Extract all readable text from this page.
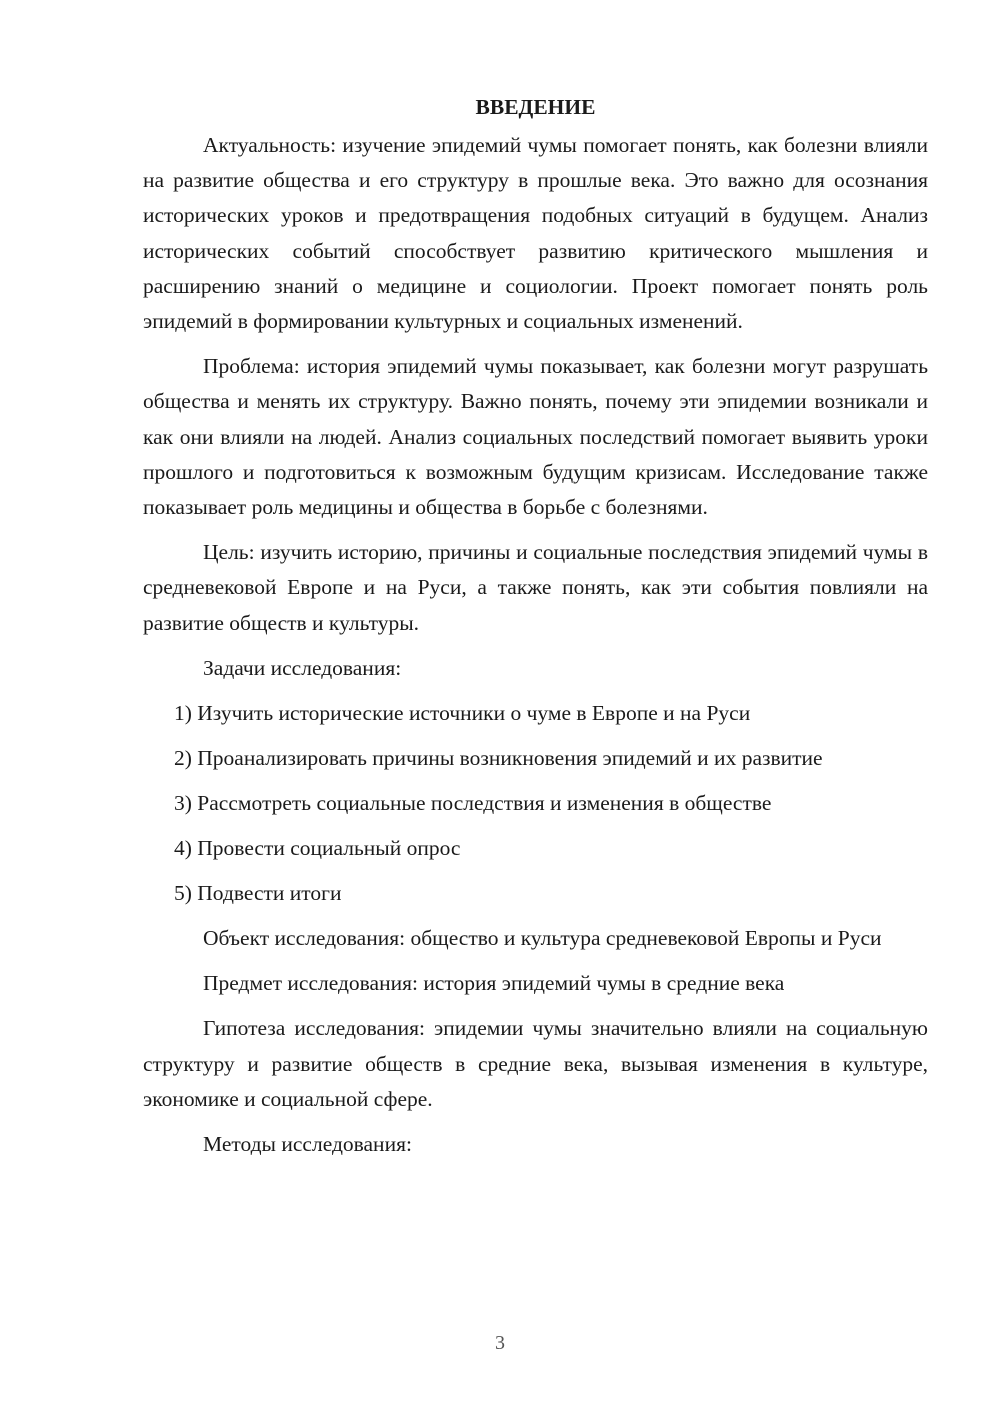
ВВЕДЕНИЕ

Актуальность: изучение эпидемий чумы помогает понять, как болезни влияли на развитие общества и его структуру в прошлые века. Это важно для осознания исторических уроков и предотвращения подобных ситуаций в будущем. Анализ исторических событий способствует развитию критического мышления и расширению знаний о медицине и социологии. Проект помогает понять роль эпидемий в формировании культурных и социальных изменений.

Проблема: история эпидемий чумы показывает, как болезни могут разрушать общества и менять их структуру. Важно понять, почему эти эпидемии возникали и как они влияли на людей. Анализ социальных последствий помогает выявить уроки прошлого и подготовиться к возможным будущим кризисам. Исследование также показывает роль медицины и общества в борьбе с болезнями.

Цель: изучить историю, причины и социальные последствия эпидемий чумы в средневековой Европе и на Руси, а также понять, как эти события повлияли на развитие обществ и культуры.

Задачи исследования:

1) Изучить исторические источники о чуме в Европе и на Руси
2) Проанализировать причины возникновения эпидемий и их развитие
3) Рассмотреть социальные последствия и изменения в обществе
4) Провести социальный опрос
5) Подвести итоги

Объект исследования: общество и культура средневековой Европы и Руси

Предмет исследования: история эпидемий чумы в средние века

Гипотеза исследования: эпидемии чумы значительно влияли на социальную структуру и развитие обществ в средние века, вызывая изменения в культуре, экономике и социальной сфере.

Методы исследования:

3
